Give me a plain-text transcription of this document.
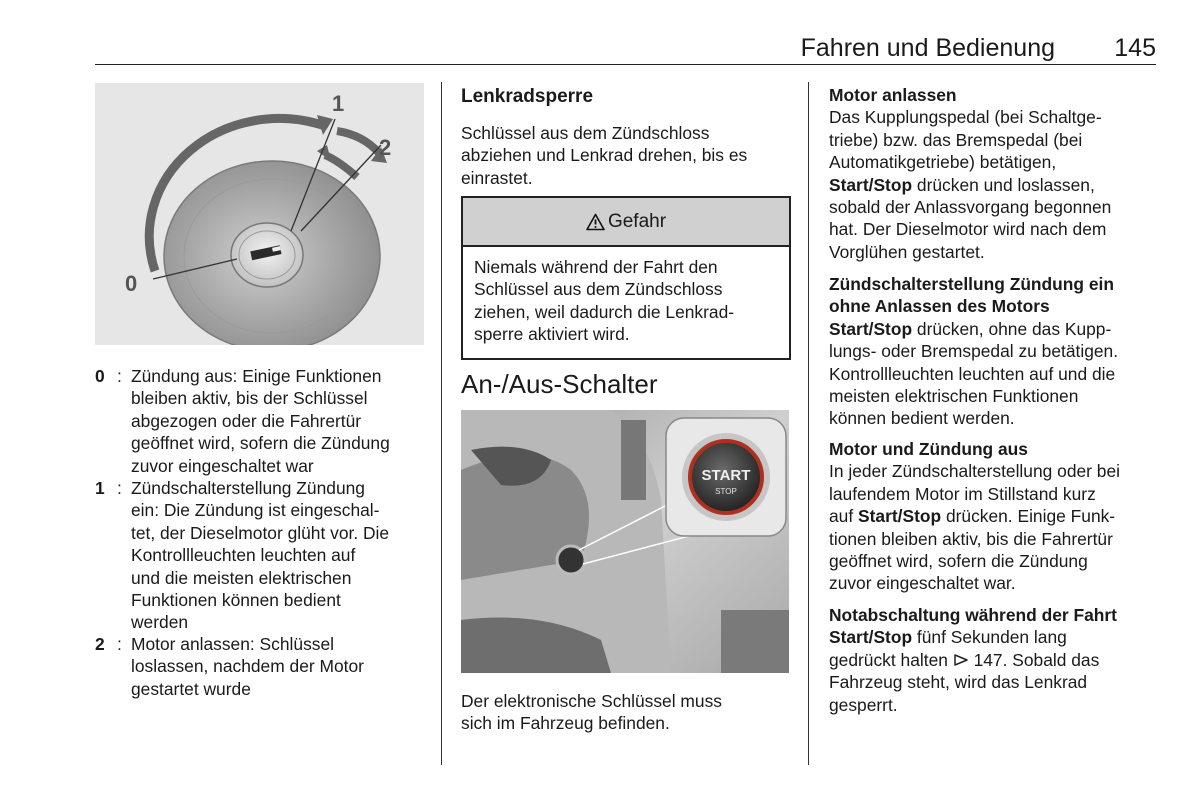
Fahren und Bedienung 145
0
1
2
0 : Zündung aus: Einige Funktionen
bleiben aktiv, bis der Schlüssel
abgezogen oder die Fahrertür
geöffnet wird, sofern die Zündung
zuvor eingeschaltet war
1 : Zündschalterstellung Zündung
ein: Die Zündung ist eingeschal-
tet, der Dieselmotor glüht vor. Die
Kontrollleuchten leuchten auf
und die meisten elektrischen
Funktionen können bedient
werden
2 : Motor anlassen: Schlüssel
loslassen, nachdem der Motor
gestartet wurde
Lenkradsperre
Schlüssel aus dem Zündschloss
abziehen und Lenkrad drehen, bis es
einrastet.
Gefahr
Niemals während der Fahrt den
Schlüssel aus dem Zündschloss
ziehen, weil dadurch die Lenkrad-
sperre aktiviert wird.
An-/Aus-Schalter
START
STOP
Der elektronische Schlüssel muss
sich im Fahrzeug befinden.
Motor anlassen
Das Kupplungspedal (bei Schaltge-
triebe) bzw. das Bremspedal (bei
Automatikgetriebe) betätigen,
Start/Stop drücken und loslassen,
sobald der Anlassvorgang begonnen
hat. Der Dieselmotor wird nach dem
Vorglühen gestartet.
Zündschalterstellung Zündung ein
ohne Anlassen des Motors
Start/Stop drücken, ohne das Kupp-
lungs- oder Bremspedal zu betätigen.
Kontrollleuchten leuchten auf und die
meisten elektrischen Funktionen
können bedient werden.
Motor und Zündung aus
In jeder Zündschalterstellung oder bei
laufendem Motor im Stillstand kurz
auf Start/Stop drücken. Einige Funk-
tionen bleiben aktiv, bis die Fahrertür
geöffnet wird, sofern die Zündung
zuvor eingeschaltet war.
Notabschaltung während der Fahrt
Start/Stop fünf Sekunden lang
gedrückt halten  147. Sobald das
Fahrzeug steht, wird das Lenkrad
gesperrt.
